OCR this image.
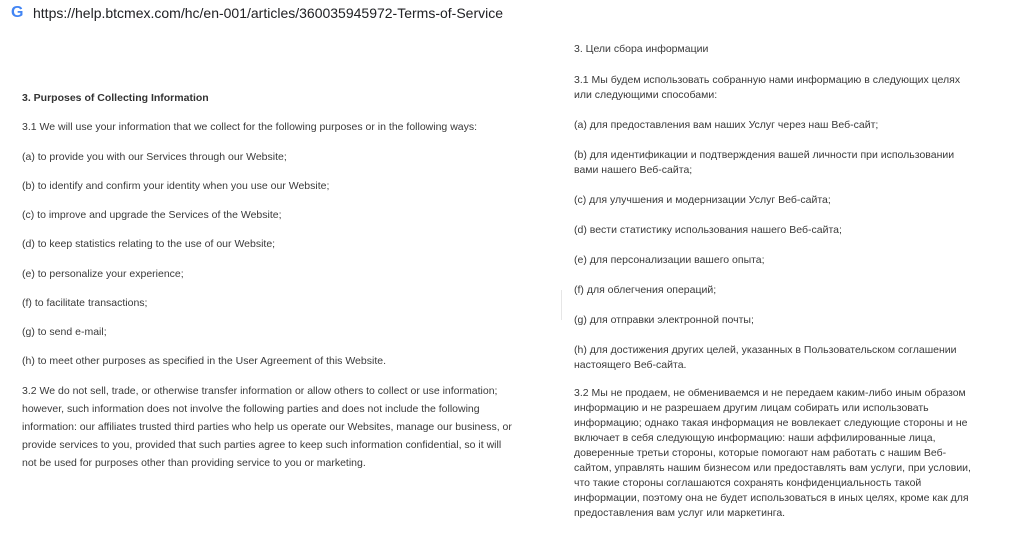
G https://help.btcmex.com/hc/en-001/articles/360035945972-Terms-of-Service
3. Purposes of Collecting Information
3.1 We will use your information that we collect for the following purposes or in the following ways:
(a) to provide you with our Services through our Website;
(b) to identify and confirm your identity when you use our Website;
(c) to improve and upgrade the Services of the Website;
(d) to keep statistics relating to the use of our Website;
(e) to personalize your experience;
(f) to facilitate transactions;
(g) to send e-mail;
(h) to meet other purposes as specified in the User Agreement of this Website.
3.2 We do not sell, trade, or otherwise transfer information or allow others to collect or use information;
however, such information does not involve the following parties and does not include the following
information: our affiliates trusted third parties who help us operate our Websites, manage our business, or
provide services to you, provided that such parties agree to keep such information confidential, so it will
not be used for purposes other than providing service to you or marketing.
3. Цели сбора информации
3.1 Мы будем использовать собранную нами информацию в следующих целях
или следующими способами:
(а) для предоставления вам наших Услуг через наш Веб-сайт;
(b) для идентификации и подтверждения вашей личности при использовании
вами нашего Веб-сайта;
(c) для улучшения и модернизации Услуг Веб-сайта;
(d) вести статистику использования нашего Веб-сайта;
(e) для персонализации вашего опыта;
(f) для облегчения операций;
(g) для отправки электронной почты;
(h) для достижения других целей, указанных в Пользовательском соглашении
настоящего Веб-сайта.
3.2 Мы не продаем, не обмениваемся и не передаем каким-либо иным образом
информацию и не разрешаем другим лицам собирать или использовать
информацию; однако такая информация не вовлекает следующие стороны и не
включает в себя следующую информацию: наши аффилированные лица,
доверенные третьи стороны, которые помогают нам работать с нашим Веб-
сайтом, управлять нашим бизнесом или предоставлять вам услуги, при условии,
что такие стороны соглашаются сохранять конфиденциальность такой
информации, поэтому она не будет использоваться в иных целях, кроме как для
предоставления вам услуг или маркетинга.
